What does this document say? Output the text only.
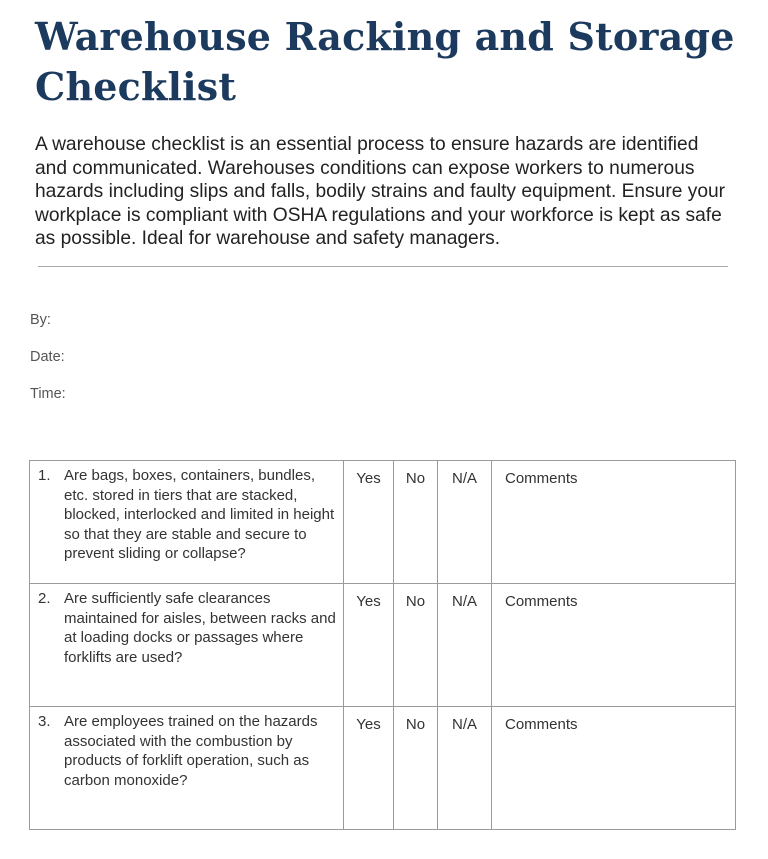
Warehouse Racking and Storage Checklist

A warehouse checklist is an essential process to ensure hazards are identified and communicated. Warehouses conditions can expose workers to numerous hazards including slips and falls, bodily strains and faulty equipment. Ensure your workplace is compliant with OSHA regulations and your workforce is kept as safe as possible. Ideal for warehouse and safety managers.

By:
Date:
Time:
1. Are bags, boxes, containers, bundles, etc. stored in tiers that are stacked, blocked, interlocked and limited in height so that they are stable and secure to prevent sliding or collapse?	Yes	No	N/A	Comments

2. Are sufficiently safe clearances maintained for aisles, between racks and at loading docks or passages where forklifts are used?	Yes	No	N/A	Comments

3. Are employees trained on the hazards associated with the combustion by products of forklift operation, such as carbon monoxide?	Yes	No	N/A	Comments
